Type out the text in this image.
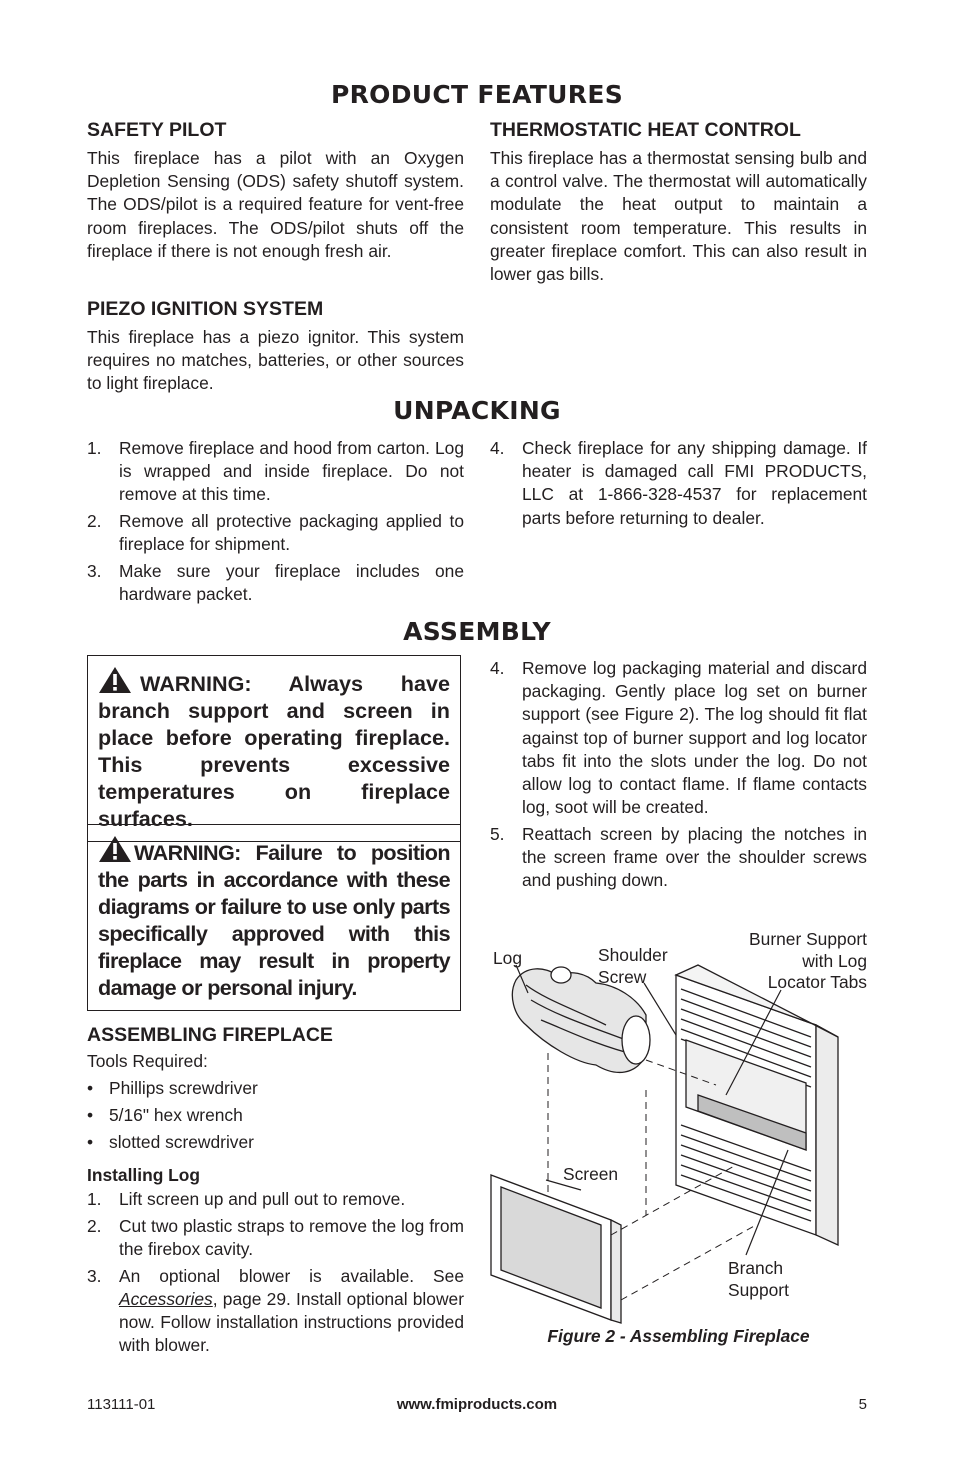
PRODUCT FEATURES
SAFETY PILOT

This fireplace has a pilot with an Oxygen Depletion Sensing (ODS) safety shutoff system. The ODS/pilot is a required feature for vent-free room fireplaces. The ODS/pilot shuts off the fireplace if there is not enough fresh air.

PIEZO IGNITION SYSTEM

This fireplace has a piezo ignitor. This system requires no matches, batteries, or other sources to light fireplace.

THERMOSTATIC HEAT CONTROL

This fireplace has a thermostat sensing bulb and a control valve. The thermostat will automatically modulate the heat output to maintain a consistent room temperature. This results in greater fireplace comfort. This can also result in lower gas bills.

UNPACKING
1. Remove fireplace and hood from carton. Log is wrapped and inside fireplace. Do not remove at this time.
2. Remove all protective packaging applied to fireplace for shipment.
3. Make sure your fireplace includes one hardware packet.
4. Check fireplace for any shipping damage. If heater is damaged call FMI PRODUCTS, LLC at 1-866-328-4537 for replacement parts before returning to dealer.
ASSEMBLY
WARNING: Always have branch support and screen in place before operating fireplace. This prevents excessive temperatures on fireplace surfaces.
WARNING: Failure to position the parts in accordance with these diagrams or failure to use only parts specifically approved with this fireplace may result in property damage or personal injury.
ASSEMBLING FIREPLACE

Tools Required:

• Phillips screwdriver
• 5/16" hex wrench
• slotted screwdriver
Installing Log
1. Lift screen up and pull out to remove.
2. Cut two plastic straps to remove the log from the firebox cavity.
3. An optional blower is available. See Accessories, page 29. Install optional blower now. Follow installation instructions provided with blower.
4. Remove log packaging material and discard packaging. Gently place log set on burner support (see Figure 2). The log should fit flat against top of burner support and log locator tabs fit into the slots under the log. Do not allow log to contact flame. If flame contacts log, soot will be created.
5. Reattach screen by placing the notches in the screen frame over the shoulder screws and pushing down.
Log	Shoulder
Screw
Burner Support
with Log
Locator Tabs
Screen
Branch
Support
Figure 2 - Assembling Fireplace
113111-01	www.fmiproducts.com	5
